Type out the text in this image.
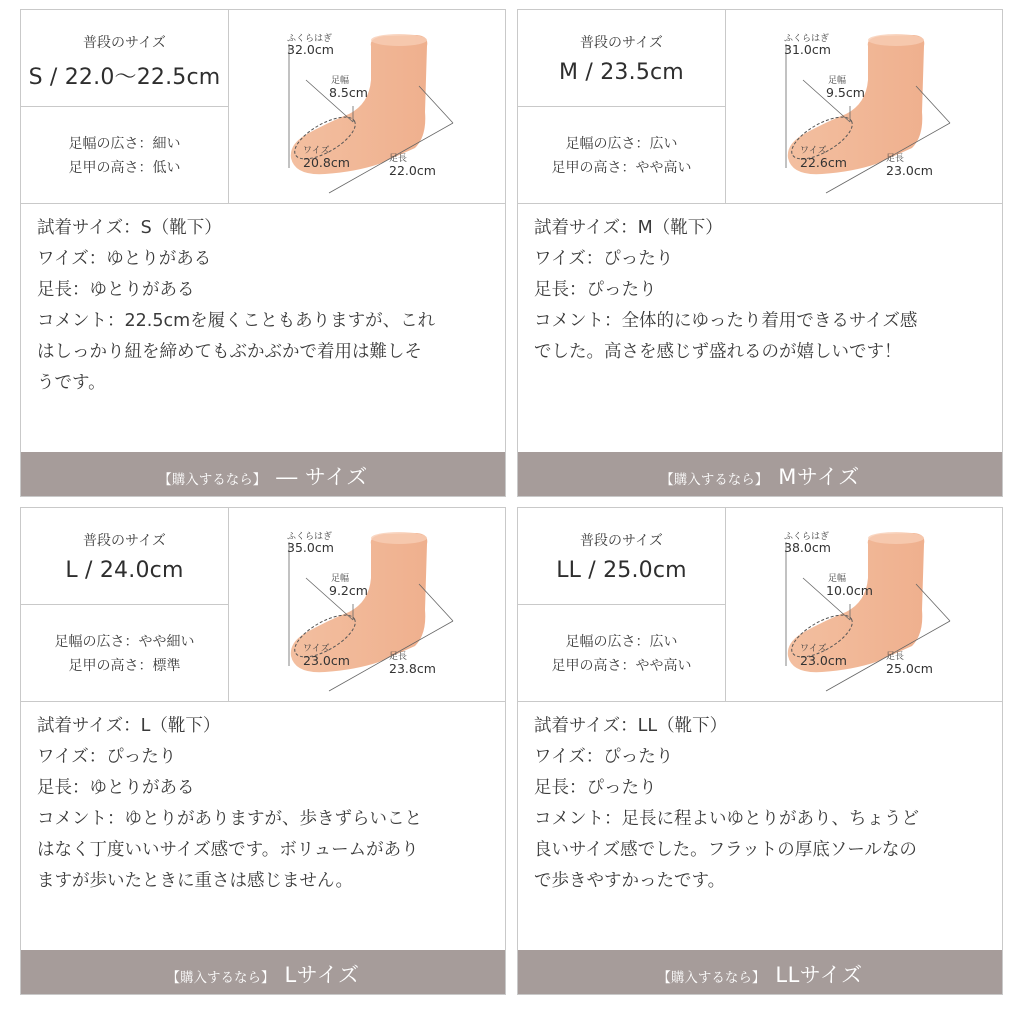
普段のサイズ
S / 22.0〜22.5cm
足幅の広さ：細い
足甲の高さ：低い
ふくらはぎ
32.0cm
足幅
8.5cm
ワイズ
20.8cm	足長
22.0cm
試着サイズ：S（靴下）
ワイズ：ゆとりがある
足長：ゆとりがある
コメント：22.5cmを履くこともありますが、これ
はしっかり紐を締めてもぶかぶかで着用は難しそ
うです。
【購入するなら】 ― サイズ
普段のサイズ
M / 23.5cm
足幅の広さ：広い
足甲の高さ：やや高い
ふくらはぎ
31.0cm
足幅
9.5cm
ワイズ
22.6cm	足長
23.0cm
試着サイズ：M（靴下）
ワイズ：ぴったり
足長：ぴったり
コメント：全体的にゆったり着用できるサイズ感
でした。高さを感じず盛れるのが嬉しいです！
【購入するなら】 Mサイズ
普段のサイズ
L / 24.0cm
足幅の広さ：やや細い
足甲の高さ：標準
ふくらはぎ
35.0cm
足幅
9.2cm
ワイズ
23.0cm	足長
23.8cm
試着サイズ：L（靴下）
ワイズ：ぴったり
足長：ゆとりがある
コメント：ゆとりがありますが、歩きずらいこと
はなく丁度いいサイズ感です。ボリュームがあり
ますが歩いたときに重さは感じません。
【購入するなら】 Lサイズ
普段のサイズ
LL / 25.0cm
足幅の広さ：広い
足甲の高さ：やや高い
ふくらはぎ
38.0cm
足幅
10.0cm
ワイズ
23.0cm	足長
25.0cm
試着サイズ：LL（靴下）
ワイズ：ぴったり
足長：ぴったり
コメント：足長に程よいゆとりがあり、ちょうど
良いサイズ感でした。フラットの厚底ソールなの
で歩きやすかったです。
【購入するなら】 LLサイズ
